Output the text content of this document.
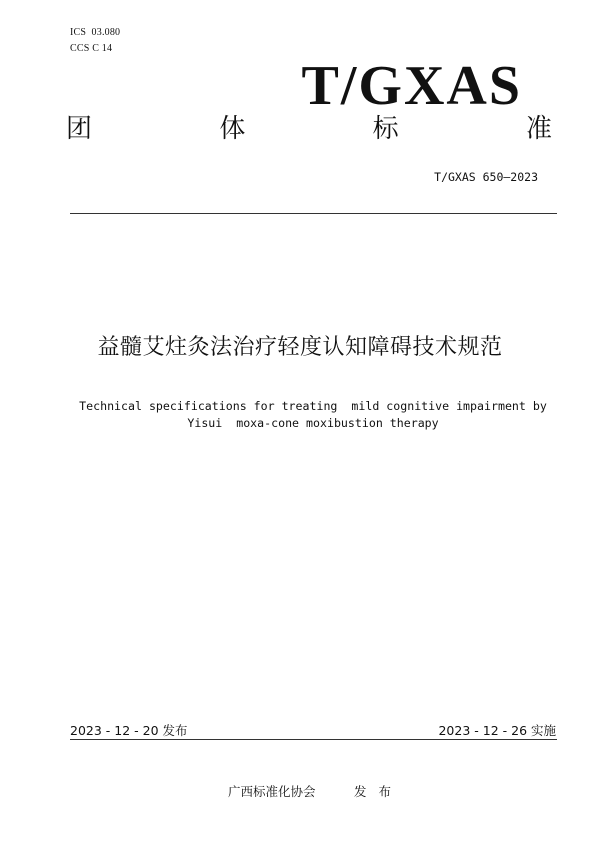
ICS  03.080
CCS C 14
T/GXAS
团	体	标	准
T/GXAS 650—2023
益髓艾炷灸法治疗轻度认知障碍技术规范
Technical specifications for treating  mild cognitive impairment by
Yisui  moxa-cone moxibustion therapy
2023 - 12 - 20 发布	2023 - 12 - 26 实施
广西标准化协会	发 布
